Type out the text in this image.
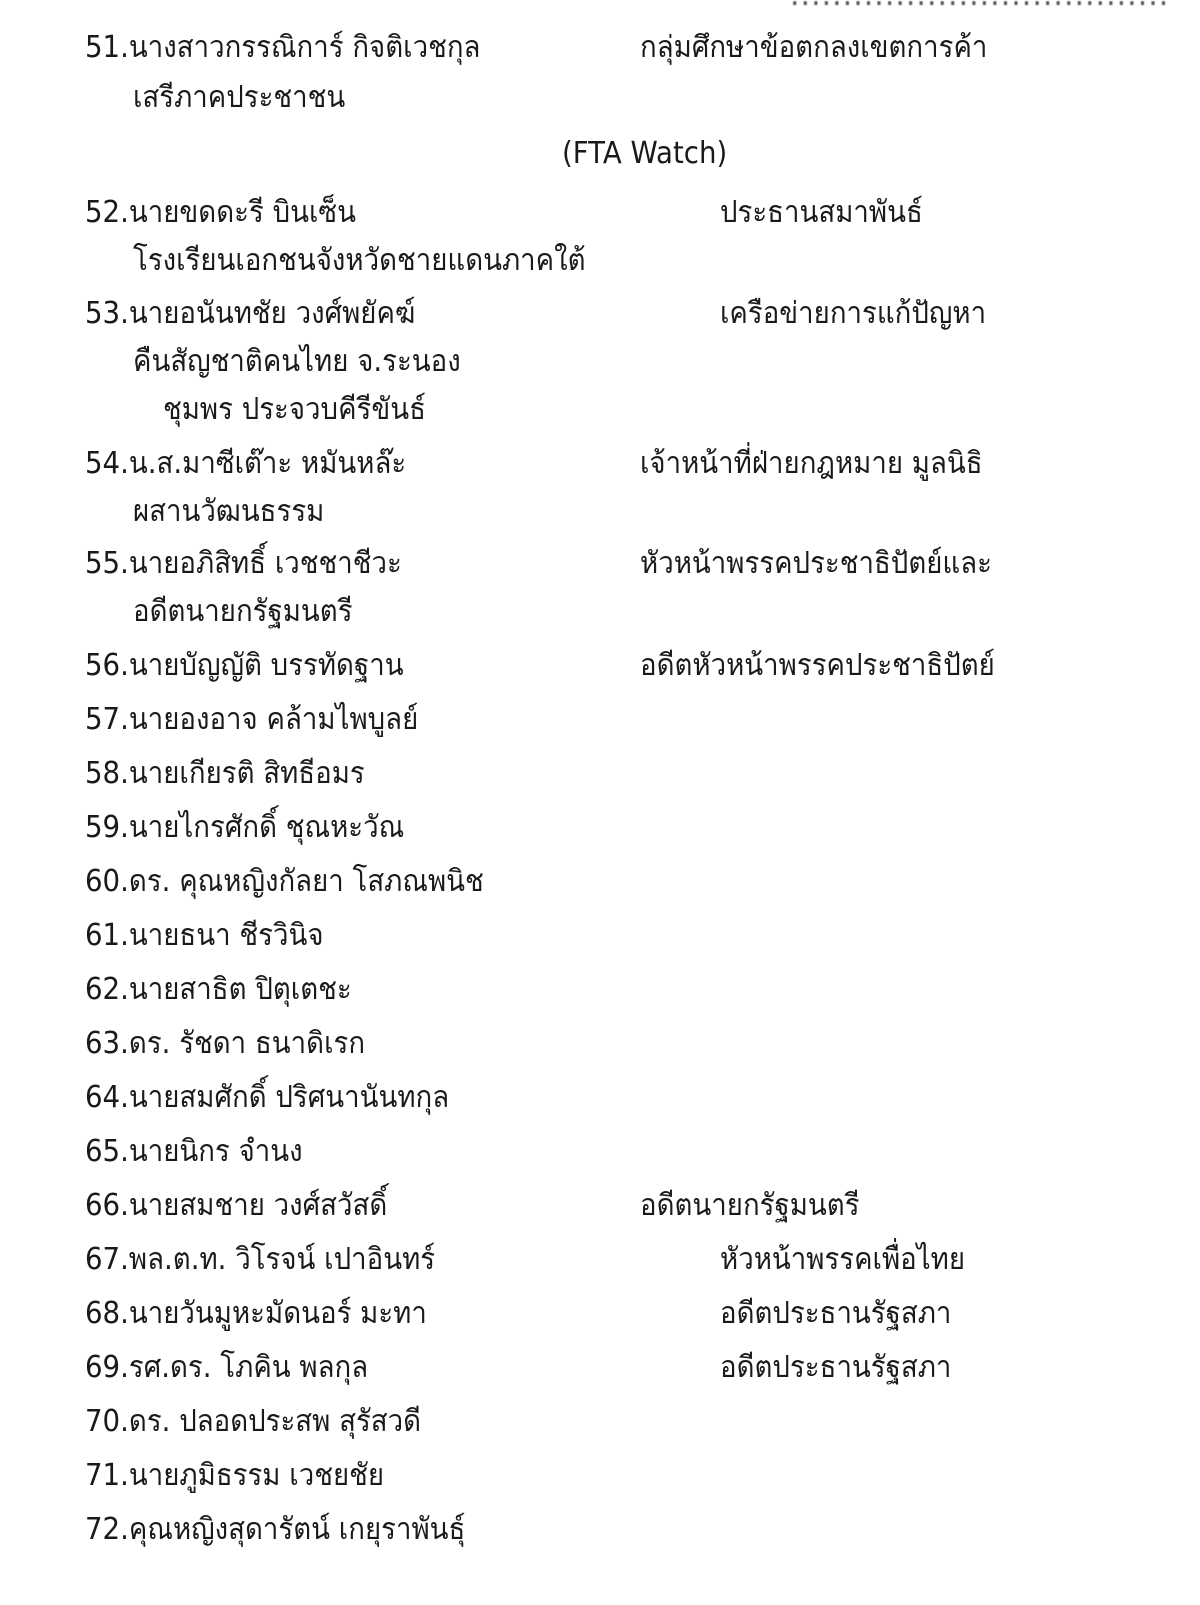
51.นางสาวกรรณิการ์ กิจติเวชกุล	กลุ่มศึกษาข้อตกลงเขตการค้า
เสรีภาคประชาชน
(FTA Watch)
52.นายขดดะรี บินเซ็น	ประธานสมาพันธ์
โรงเรียนเอกชนจังหวัดชายแดนภาคใต้
53.นายอนันทชัย วงศ์พยัคฆ์	เครือข่ายการแก้ปัญหา
คืนสัญชาติคนไทย จ.ระนอง
ชุมพร ประจวบคีรีขันธ์
54.น.ส.มาซีเต๊าะ หมันหล๊ะ	เจ้าหน้าที่ฝ่ายกฎหมาย มูลนิธิ
ผสานวัฒนธรรม
55.นายอภิสิทธิ์ เวชชาชีวะ	หัวหน้าพรรคประชาธิปัตย์และ
อดีตนายกรัฐมนตรี
56.นายบัญญัติ บรรทัดฐาน	อดีตหัวหน้าพรรคประชาธิปัตย์
57.นายองอาจ คล้ามไพบูลย์
58.นายเกียรติ สิทธีอมร
59.นายไกรศักดิ์ ชุณหะวัณ
60.ดร. คุณหญิงกัลยา โสภณพนิช
61.นายธนา ชีรวินิจ
62.นายสาธิต ปิตุเตชะ
63.ดร. รัชดา ธนาดิเรก
64.นายสมศักดิ์ ปริศนานันทกุล
65.นายนิกร จำนง
66.นายสมชาย วงศ์สวัสดิ์	อดีตนายกรัฐมนตรี
67.พล.ต.ท. วิโรจน์ เปาอินทร์	หัวหน้าพรรคเพื่อไทย
68.นายวันมูหะมัดนอร์ มะทา	อดีตประธานรัฐสภา
69.รศ.ดร. โภคิน พลกุล	อดีตประธานรัฐสภา
70.ดร. ปลอดประสพ สุรัสวดี
71.นายภูมิธรรม เวชยชัย
72.คุณหญิงสุดารัตน์ เกยุราพันธุ์
